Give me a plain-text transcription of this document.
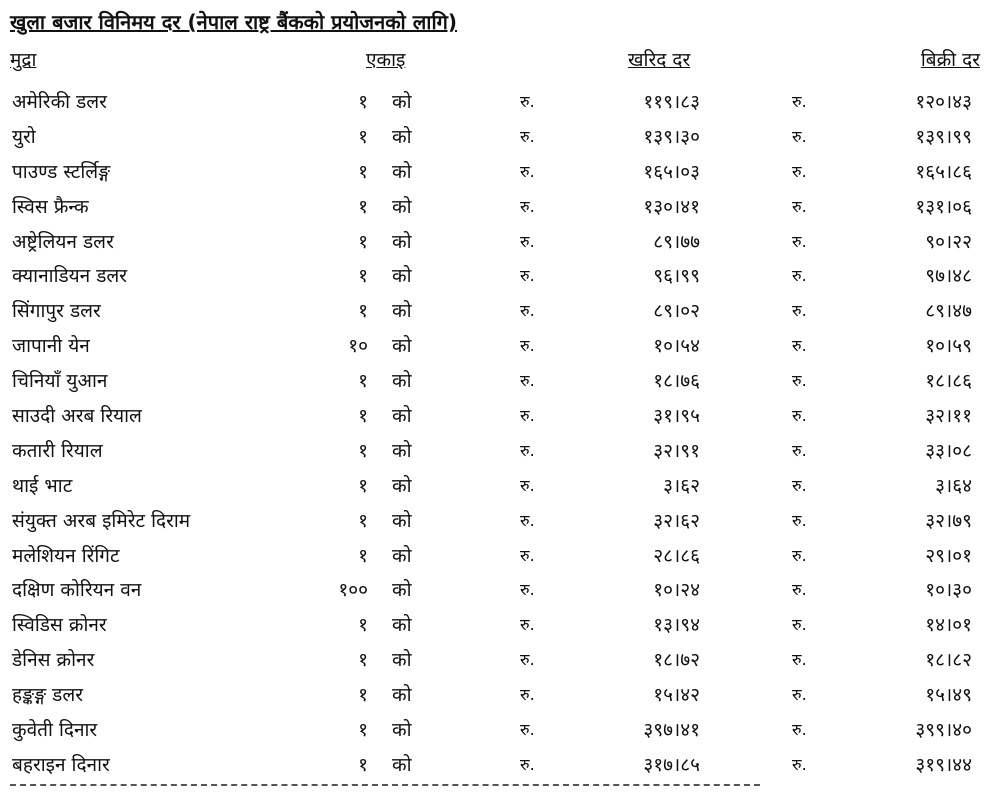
खुला बजार विनिमय दर (नेपाल राष्ट्र बैंकको प्रयोजनको लागि)
मुद्रा	एकाइ	खरिद दर	बिक्री दर
अमेरिकी डलर	१ को	रु.	११९।८३	रु.	१२०।४३
युरो	१ को	रु.	१३९।३०	रु.	१३९।९९
पाउण्ड स्टर्लिङ्ग	१ को	रु.	१६५।०३	रु.	१६५।८६
स्विस फ्रैन्क	१ को	रु.	१३०।४१	रु.	१३१।०६
अष्ट्रेलियन डलर	१ को	रु.	८९।७७	रु.	९०।२२
क्यानाडियन डलर	१ को	रु.	९६।९९	रु.	९७।४८
सिंगापुर डलर	१ को	रु.	८९।०२	रु.	८९।४७
जापानी येन	१० को	रु.	१०।५४	रु.	१०।५९
चिनियाँ युआन	१ को	रु.	१८।७६	रु.	१८।८६
साउदी अरब रियाल	१ को	रु.	३१।९५	रु.	३२।११
कतारी रियाल	१ को	रु.	३२।९१	रु.	३३।०८
थाई भाट	१ को	रु.	३।६२	रु.	३।६४
संयुक्त अरब इमिरेट दिराम	१ को	रु.	३२।६२	रु.	३२।७९
मलेशियन रिंगिट	१ को	रु.	२८।८६	रु.	२९।०१
दक्षिण कोरियन वन	१०० को	रु.	१०।२४	रु.	१०।३०
स्विडिस क्रोनर	१ को	रु.	१३।९४	रु.	१४।०१
डेनिस क्रोनर	१ को	रु.	१८।७२	रु.	१८।८२
हङ्कङ्ग डलर	१ को	रु.	१५।४२	रु.	१५।४९
कुवेती दिनार	१ को	रु.	३९७।४१	रु.	३९९।४०
बहराइन दिनार	१ को	रु.	३१७।८५	रु.	३१९।४४
